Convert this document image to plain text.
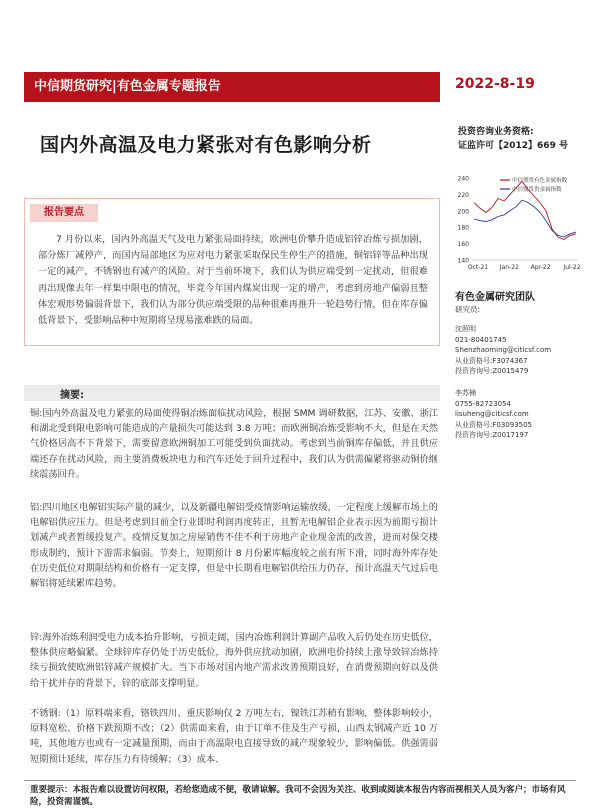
中信期货研究|有色金属专题报告	2022-8-19
国内外高温及电力紧张对有色影响分析
投资咨询业务资格:
证监许可【2012】669 号
140
160
180
200
220
240
Oct-21 Jan-22 Apr-22 Jul-22
中信期货有色金属指数
中信期货贵金属指数
有色金属研究团队
研究员:
沈照明
021-80401745
Shenzhaoming@citicsf.com
从业资格号:F3074367
投资咨询号:Z0015479
李苏楠
0755-82723054
lisuheng@citicsf.com
从业资格号:F03093505
投资咨询号:Z0017197
报告要点
7 月份以来，国内外高温天气及电力紧张局面持续，欧洲电价攀升造成铝锌冶炼亏损加剧，部分炼厂减停产，而国内局部地区为应对电力紧张采取保民生停生产的措施，铜铝锌等品种出现一定的减产，不锈钢也有减产的风险。对于当前环境下，我们认为供应端受到一定扰动，但很难再出现像去年一样集中限电的情况，毕竟今年国内煤炭出现一定的增产，考虑到房地产偏弱且整体宏观形势偏弱背景下，我们认为部分供应端受限的品种很难再推升一轮趋势行情，但在库存偏低背景下，受影响品种中短期将呈现易涨难跌的局面。
摘要:
铜:国内外高温及电力紧张的局面使得铜冶炼面临扰动风险，根据 SMM 调研数据，江苏、安徽、浙江和湖北受到限电影响可能造成的产量损失可能达到 3.8 万吨；而欧洲铜冶炼受影响不大，但是在天然气价格居高不下背景下，需要留意欧洲铜加工可能受到负面扰动。考虑到当前铜库存偏低，并且供应端还存在扰动风险，而主要消费板块电力和汽车还处于回升过程中，我们认为供需偏紧将驱动铜价继续震荡回升。
铝:四川地区电解铝实际产量的减少，以及新疆电解铝受疫情影响运输放缓，一定程度上缓解市场上的电解铝供应压力。但是考虑到目前全行业即时利润再度转正，且暂无电解铝企业表示因为前期亏损计划减产或者暂缓投复产。疫情反复加之房屋销售不佳不利于房地产企业现金流的改善，进而对保交楼形成制约，预计下游需求偏弱。节奏上，短期预计 8 月份累库幅度较之前有所下滑，同时海外库存处在历史低位对期限结构和价格有一定支撑，但是中长期看电解铝供给压力仍存，预计高温天气过后电解铝将延续累库趋势。
锌:海外冶炼利润受电力成本抬升影响，亏损走阔，国内冶炼利润计算副产品收入后仍处在历史低位，整体供应略偏紧。全球锌库存仍处于历史低位，海外供应扰动加剧，欧洲电价持续上涨导致锌冶炼持续亏损致使欧洲铝锌减产规模扩大。当下市场对国内地产需求改善预期良好，在消费预期向好以及供给干扰并存的背景下，锌的底部支撑明显。
不锈钢:（1）原料端来看，铬铁四川、重庆影响仅 2 万吨左右，镍铁江苏稍有影响，整体影响较小，原料宽松、价格下跌预期不改；（2）供需面来看，由于订单不佳及生产亏损，山西太钢减产近 10 万吨，其他地方也或有一定减量预期，而由于高温限电直接导致的减产现象较少，影响偏低。供强需弱短期预计延续，库存压力有待缓解；（3）成本、
重要提示：本报告难以设置访问权限，若给您造成不便，敬请谅解。我司不会因为关注、收到或阅读本报告内容而视相关人员为客户；市场有风险，投资需谨慎。
